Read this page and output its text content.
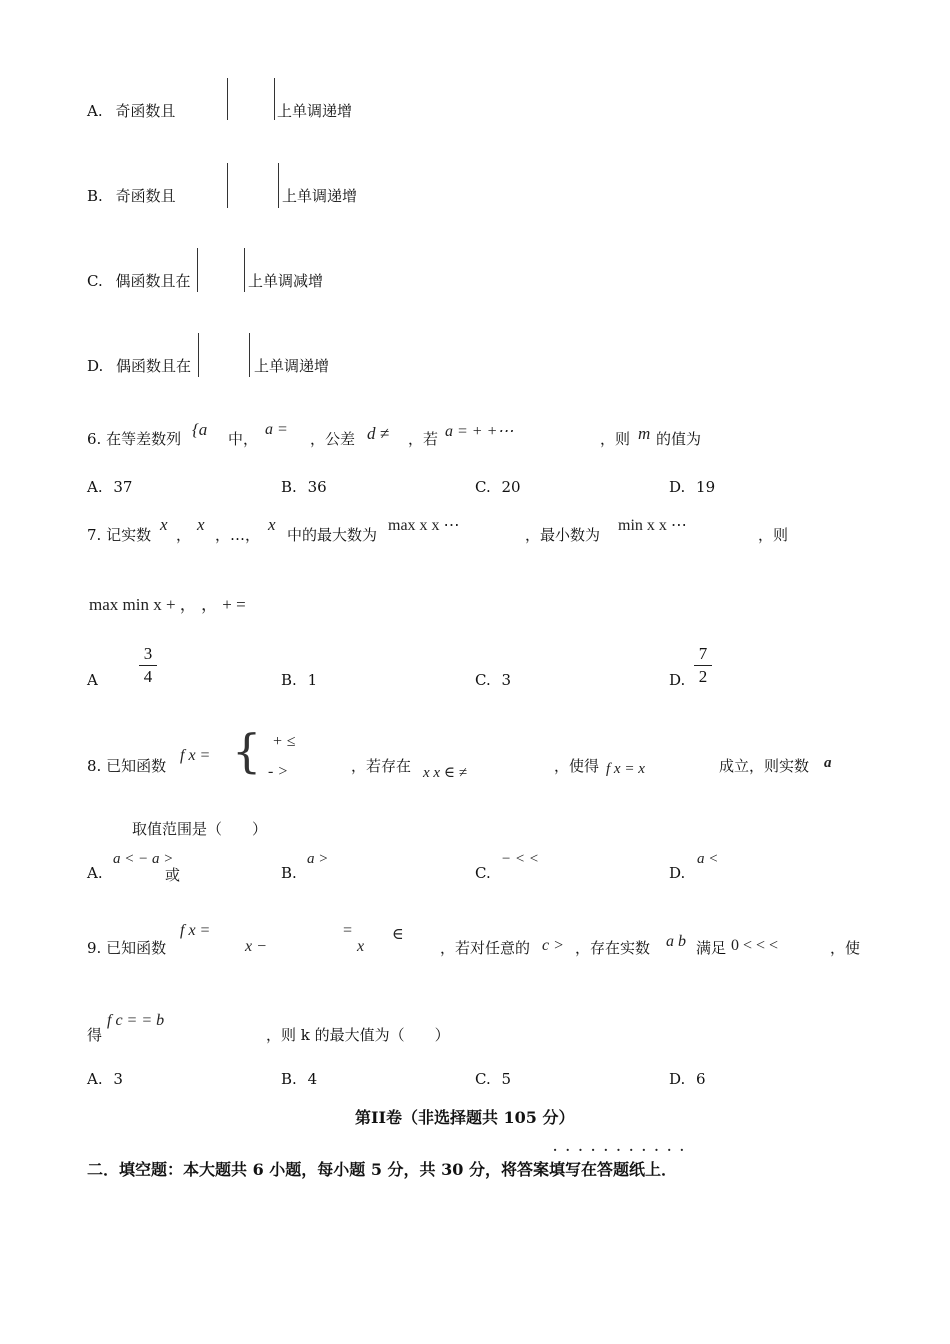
A. 奇函数且	上单调递增
B. 奇函数且	上单调递增
C. 偶函数且在	上单调减增
D. 偶函数且在	上单调递增
6. 在等差数列 {a 中，
a =
，公差 d ≠ ，若 a = + +⋯	，则 m 的值为
A. 37	B. 36	C. 20	D. 19
7. 记实数
x
，
x
，…，
x
中的最大数为
max x x ⋯
，最小数为
min x x ⋯
，则
max min x + ， ， + =
A
3
4	B. 1	C. 3	D.
7
2
8. 已知函数
f x = { + ≤
- >	，若存在 x x ∈ ≠	，使得 f x = x	成立，则实数 a
取值范围是（　　）
A.
a < − a >
或	B.
a >
C.
− < <
D.
a <
9. 已知函数
f x =
x −
=
x
∈
，若对任意的 c > ，存在实数 a b 满足 0 < < <	，使
得
f c = = b
，则 k 的最大值为（　　）
A. 3	B. 4	C. 5	D. 6
第II卷（非选择题共 105 分）
二．填空题：本大题共 6 小题，每小题 5 分，共 30 分，将答案填写在答题纸上．
...........
